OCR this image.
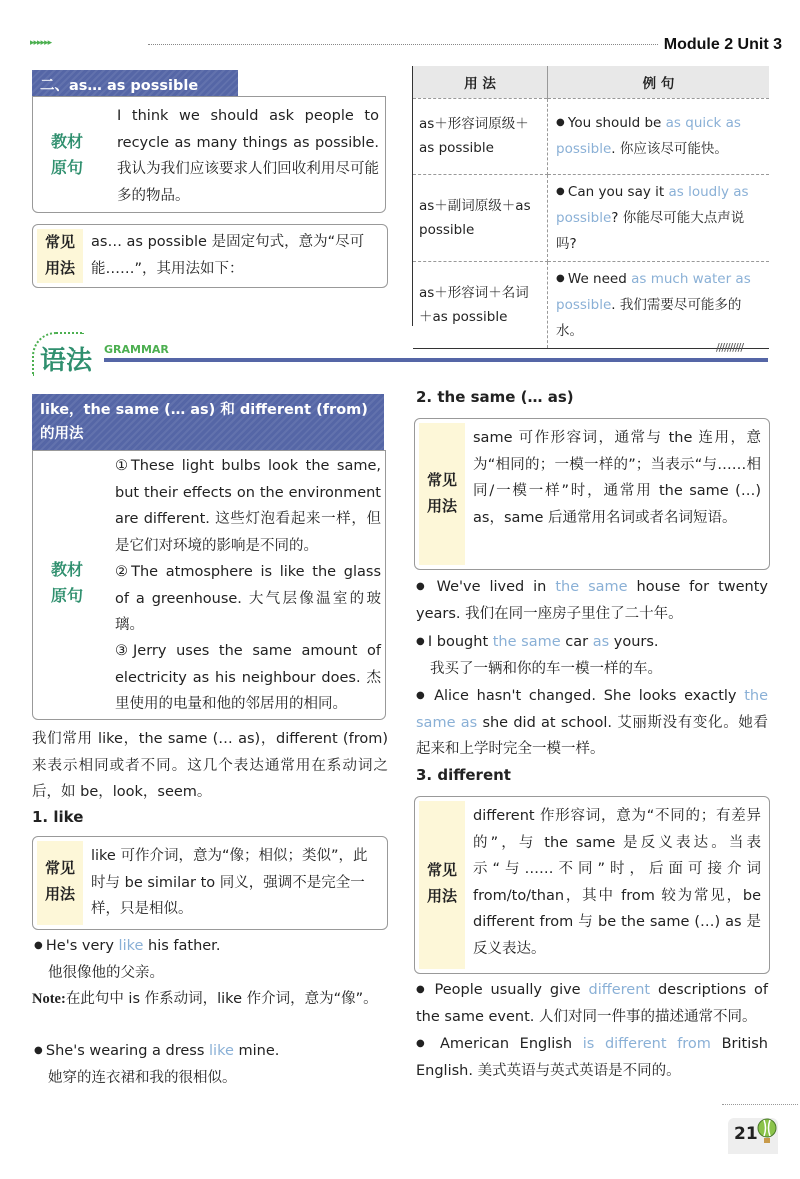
▸▸▸▸▸▸	Module 2 Unit 3
二、as… as possible
教材
原句
I think we should ask people to recycle as many things as possible. 我认为我们应该要求人们回收利用尽可能多的物品。
常见
用法
as… as possible 是固定句式，意为“尽可能……”，其用法如下：
用 法	例 句
as＋形容词原级＋as possible	● You should be as quick as possible. 你应该尽可能快。
as＋副词原级＋as possible	● Can you say it as loudly as possible? 你能尽可能大点声说吗?
as＋形容词＋名词＋as possible	● We need as much water as possible. 我们需要尽可能多的水。
语法 GRAMMAR	//////////
like，the same (… as) 和 different (from) 的用法
教材
原句
①These light bulbs look the same, but their effects on the environment are different. 这些灯泡看起来一样，但是它们对环境的影响是不同的。
②The atmosphere is like the glass of a greenhouse. 大气层像温室的玻璃。
③Jerry uses the same amount of electricity as his neighbour does. 杰里使用的电量和他的邻居用的相同。
我们常用 like，the same (… as)，different (from) 来表示相同或者不同。这几个表达通常用在系动词之后，如 be，look，seem。
1. like
常见
用法
like 可作介词，意为“像；相似；类似”，此时与 be similar to 同义，强调不是完全一样，只是相似。
● He's very like his father.
他很像他的父亲。
Note:在此句中 is 作系动词，like 作介词，意为“像”。
● She's wearing a dress like mine.
她穿的连衣裙和我的很相似。
2. the same (… as)
常见
用法
same 可作形容词，通常与 the 连用，意为“相同的；一模一样的”；当表示“与……相同/一模一样”时，通常用 the same (…) as，same 后通常用名词或者名词短语。
● We've lived in the same house for twenty years. 我们在同一座房子里住了二十年。
● I bought the same car as yours.
我买了一辆和你的车一模一样的车。
● Alice hasn't changed. She looks exactly the same as she did at school. 艾丽斯没有变化。她看起来和上学时完全一模一样。
3. different
常见
用法
different 作形容词，意为“不同的；有差异的”，与 the same 是反义表达。当表示“与……不同”时，后面可接介词 from/to/than，其中 from 较为常见，be different from 与 be the same (…) as 是反义表达。
● People usually give different descriptions of the same event. 人们对同一件事的描述通常不同。
● American English is different from British English. 美式英语与英式英语是不同的。
21
